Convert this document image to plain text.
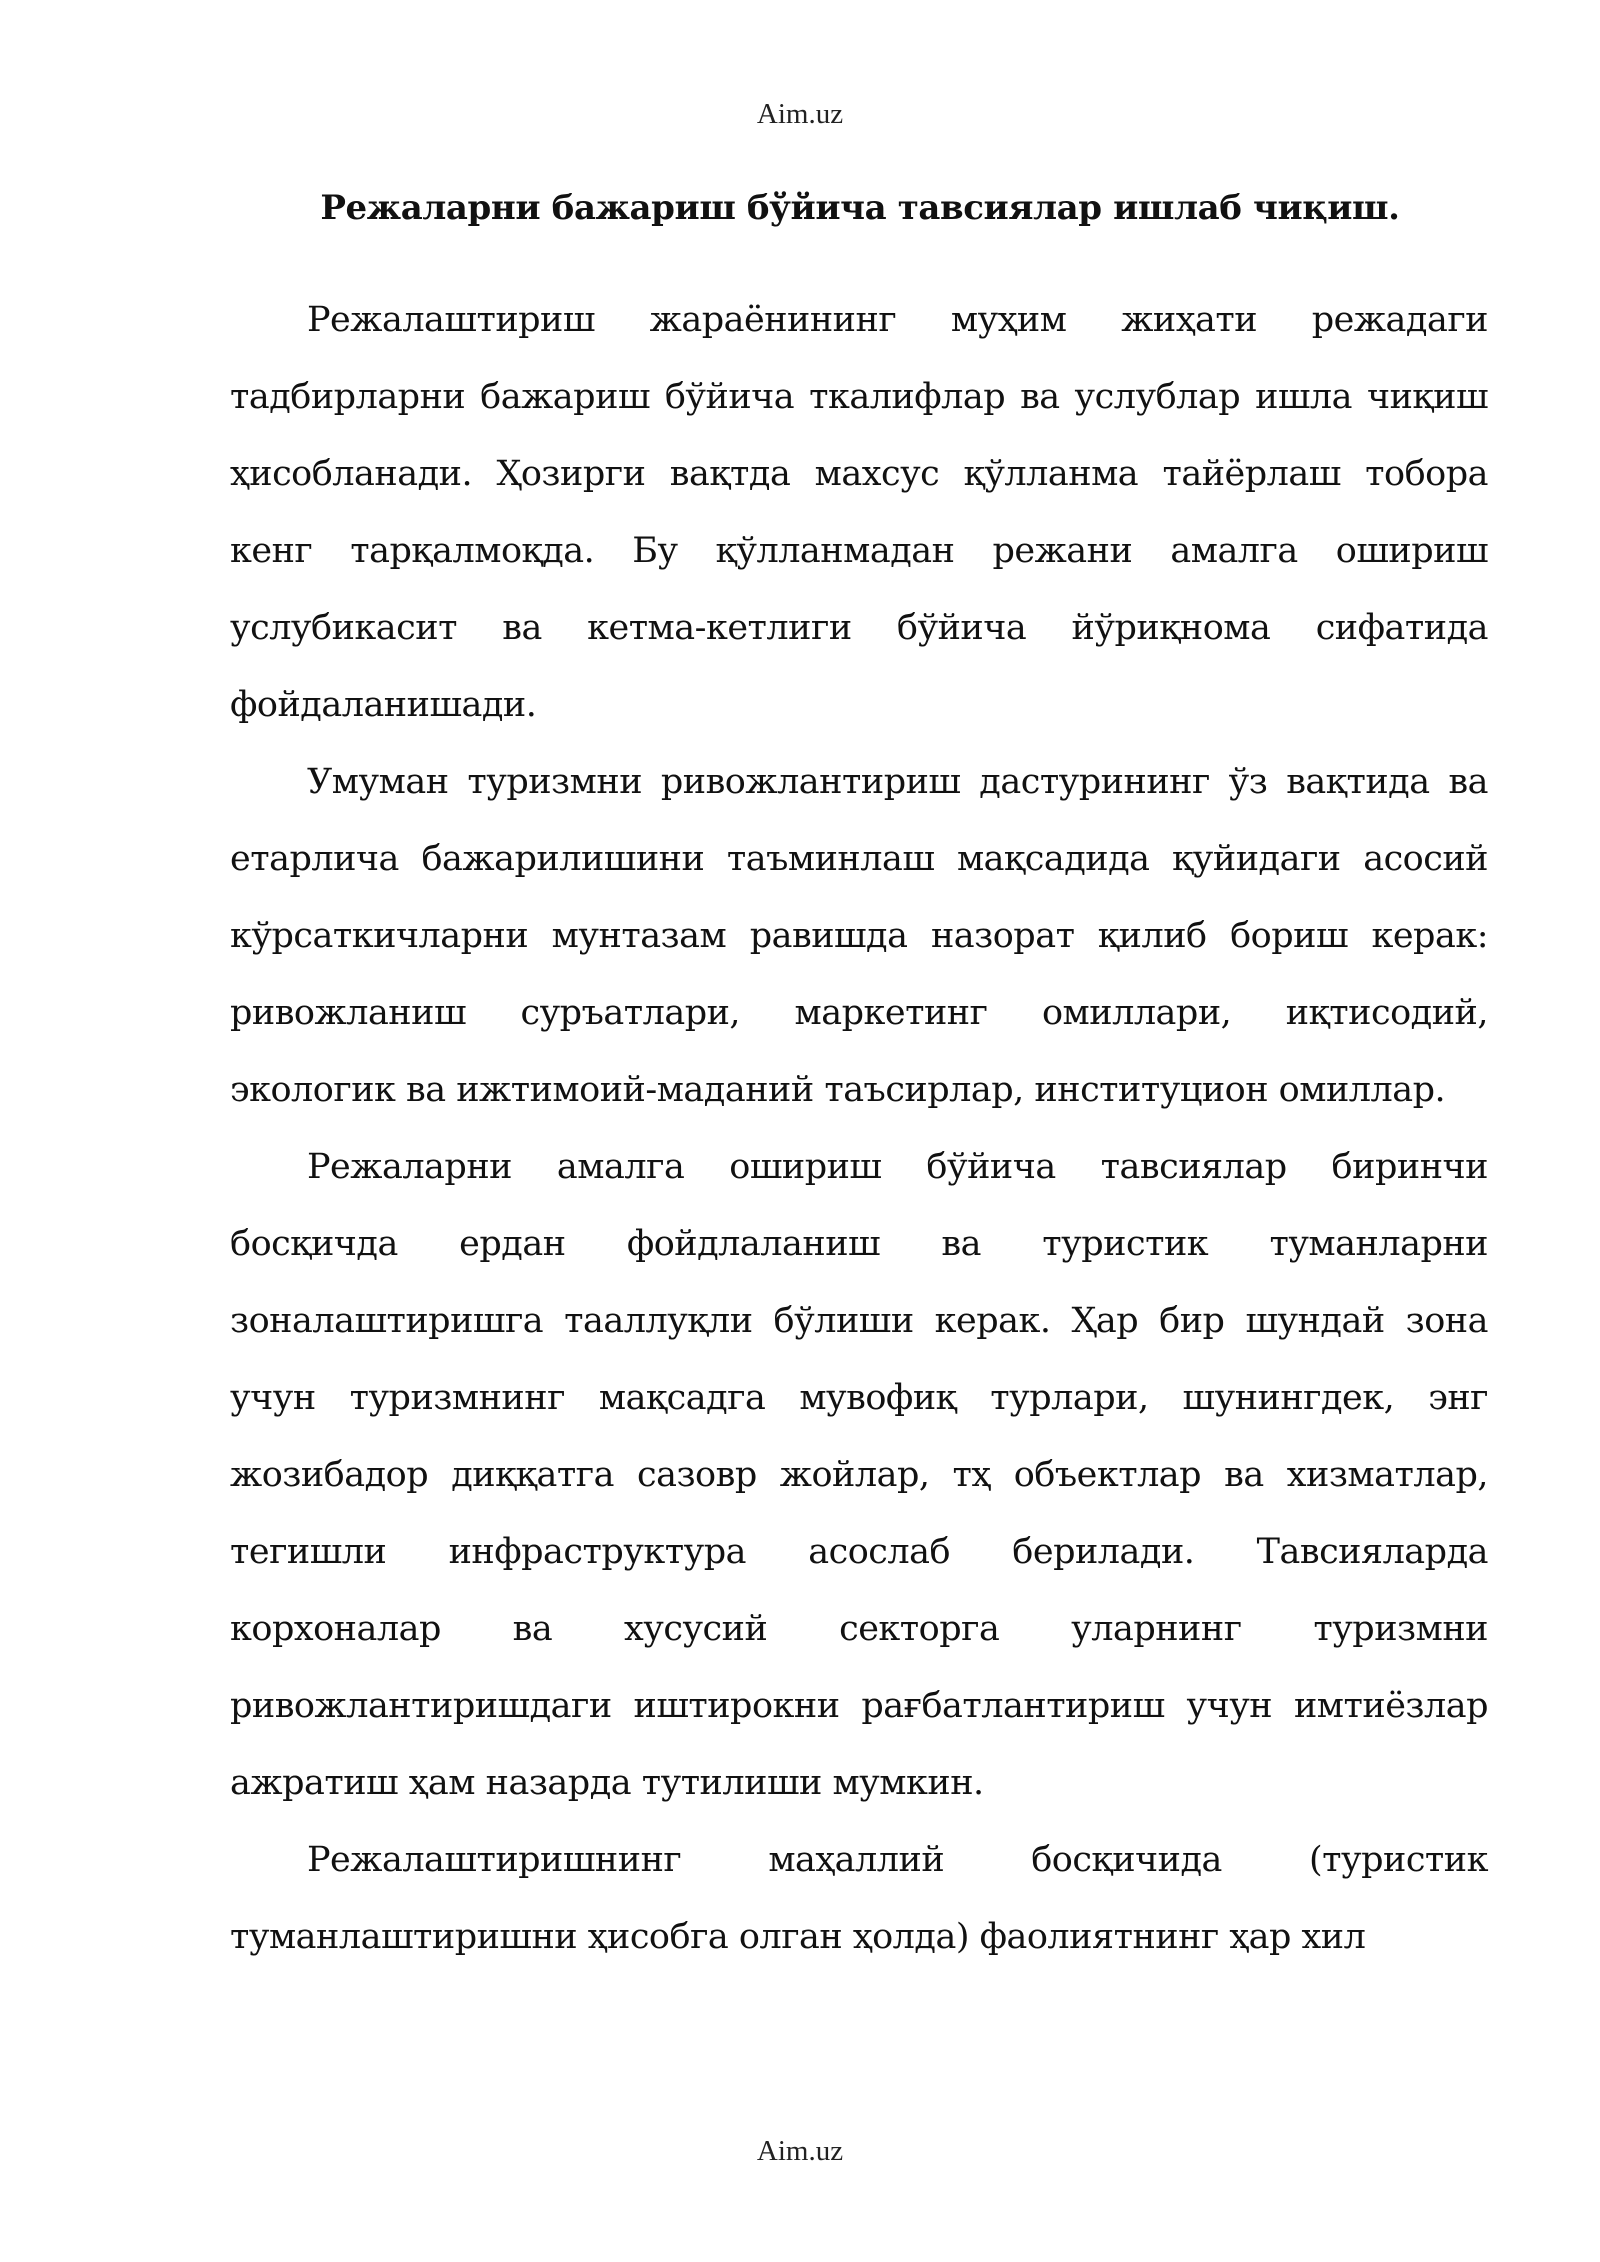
Aim.uz
Режаларни бажариш бўйича тавсиялар ишлаб чиқиш.

Режалаштириш жараёнининг муҳим жиҳати режадаги тадбирларни бажариш бўйича ткалифлар ва услублар ишла чиқиш ҳисобланади. Ҳозирги вақтда махсус қўлланма тайёрлаш тобора кенг тарқалмоқда. Бу қўлланмадан режани амалга ошириш услубикасит ва кетма-кетлиги бўйича йўриқнома сифатида фойдаланишади.

Умуман туризмни ривожлантириш дастурининг ўз вақтида ва етарлича бажарилишини таъминлаш мақсадида қуйидаги асосий кўрсаткичларни мунтазам равишда назорат қилиб бориш керак: ривожланиш суръатлари, маркетинг омиллари, иқтисодий, экологик ва ижтимоий-маданий таъсирлар, институцион омиллар.

Режаларни амалга ошириш бўйича тавсиялар биринчи босқичда ердан фойдлаланиш ва туристик туманларни зоналаштиришга тааллуқли бўлиши керак. Ҳар бир шундай зона учун туризмнинг мақсадга мувофиқ турлари, шунингдек, энг жозибадор диққатга сазовр жойлар, тҳ объектлар ва хизматлар, тегишли инфраструктура асослаб берилади. Тавсияларда корхоналар ва хусусий секторга уларнинг туризмни ривожлантиришдаги иштирокни рағбатлантириш учун имтиёзлар ажратиш ҳам назарда тутилиши мумкин.

Режалаштиришнинг маҳаллий босқичида (туристик туманлаштиришни ҳисобга олган ҳолда) фаолиятнинг ҳар хил

Aim.uz
